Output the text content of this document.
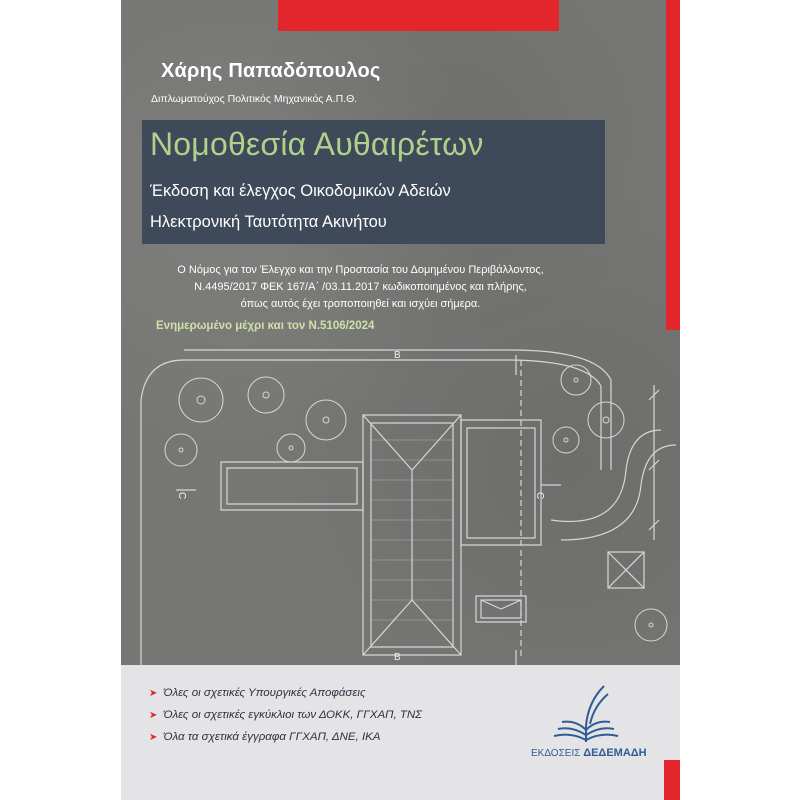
B
B
C	C
Χάρης Παπαδόπουλος
Διπλωματούχος Πολιτικός Μηχανικός Α.Π.Θ.
Νομοθεσία Αυθαιρέτων
Έκδοση και έλεγχος Οικοδομικών Αδειών
Ηλεκτρονική Ταυτότητα Ακινήτου
Ο Νόμος για τον Έλεγχο και την Προστασία του Δομημένου Περιβάλλοντος,
Ν.4495/2017 ΦΕΚ 167/Α΄ /03.11.2017 κωδικοποιημένος και πλήρης,
όπως αυτός έχει τροποποιηθεί και ισχύει σήμερα.
Ενημερωμένο μέχρι και τον Ν.5106/2024
➤ Όλες οι σχετικές Υπουργικές Αποφάσεις
➤ Όλες οι σχετικές εγκύκλιοι των ΔΟΚΚ, ΓΓΧΑΠ, ΤΝΣ
➤ Όλα τα σχετικά έγγραφα ΓΓΧΑΠ, ΔΝΕ, ΙΚΑ
ΕΚΔΟΣΕΙΣ ΔΕΔΕΜΑΔΗ
